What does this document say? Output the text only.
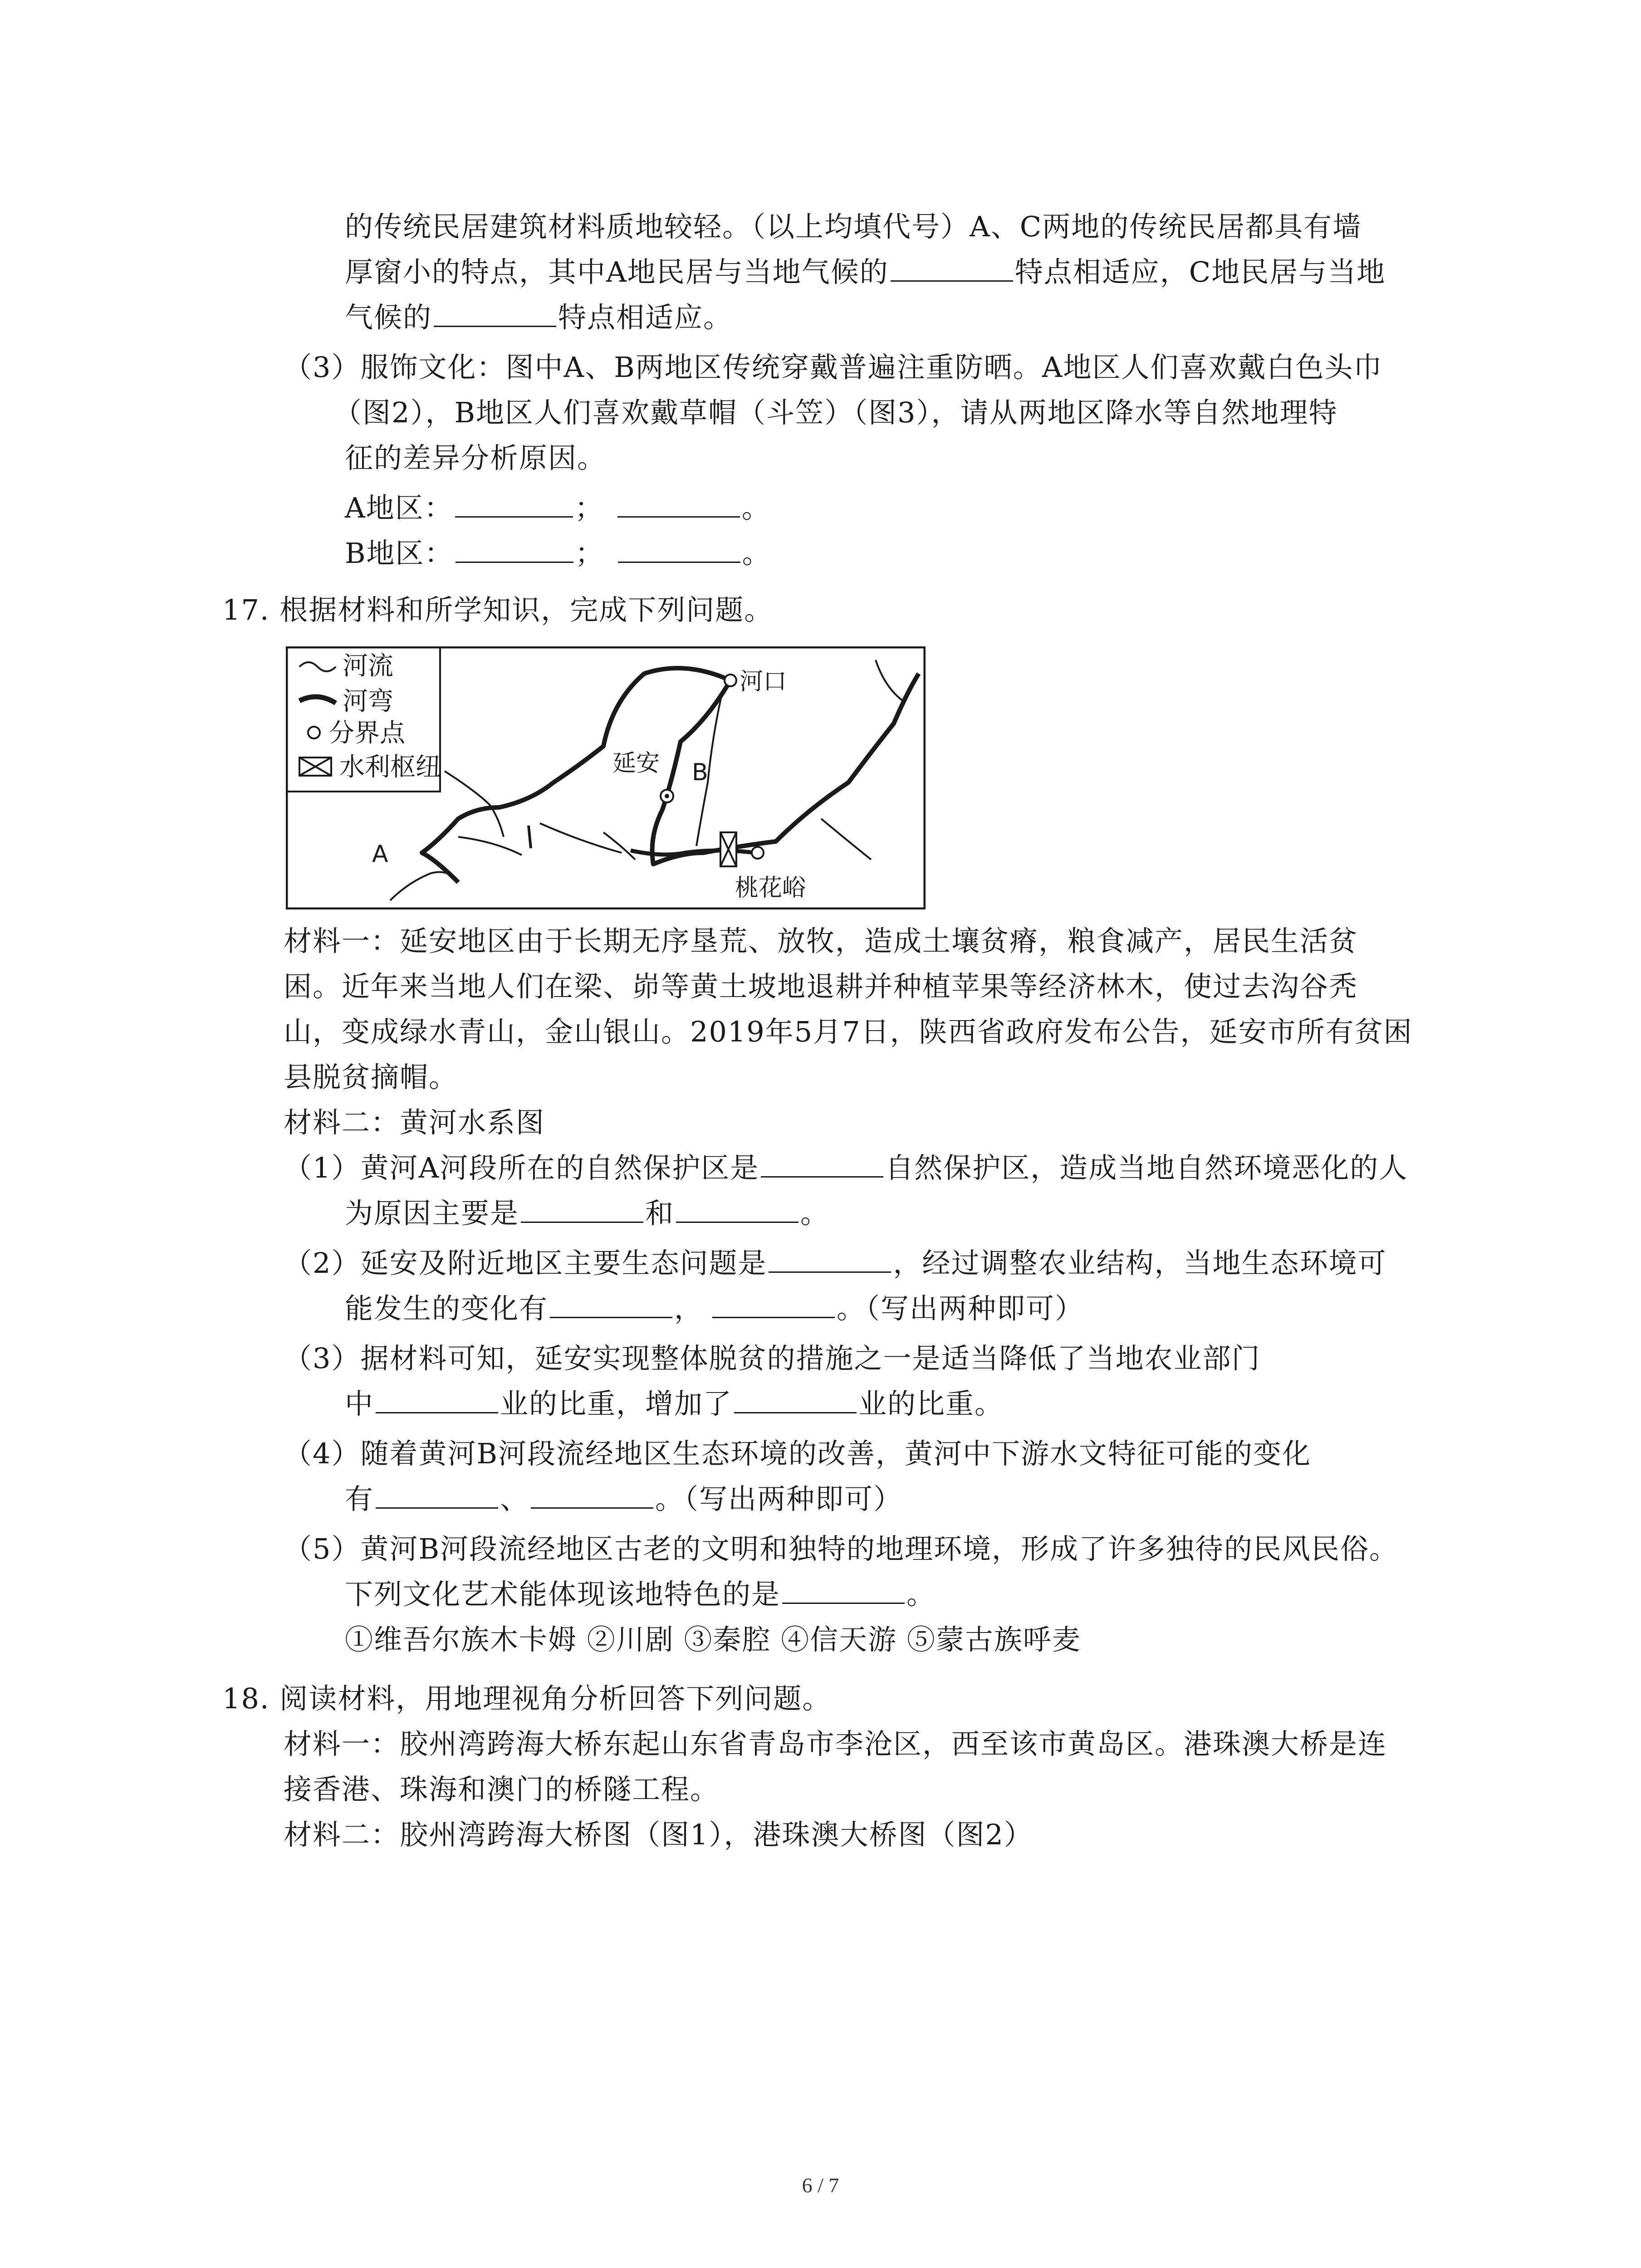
的传统民居建筑材料质地较轻。（以上均填代号）A、C两地的传统民居都具有墙

厚窗小的特点，其中A地民居与当地气候的	特点相适应，C地民居与当地

气候的	特点相适应。

（3）服饰文化：图中A、B两地区传统穿戴普遍注重防晒。A地区人们喜欢戴白色头巾

（图2），B地区人们喜欢戴草帽（斗笠）（图3），请从两地区降水等自然地理特

征的差异分析原因。

A地区：	；	。

B地区：	；	。

17. 根据材料和所学知识，完成下列问题。

河流
河弯
分界点
水利枢纽
河口
延安 B
A
桃花峪

材料一：延安地区由于长期无序垦荒、放牧，造成土壤贫瘠，粮食减产，居民生活贫

困。近年来当地人们在梁、峁等黄土坡地退耕并种植苹果等经济林木，使过去沟谷秃

山，变成绿水青山，金山银山。2019年5月7日，陕西省政府发布公告，延安市所有贫困

县脱贫摘帽。

材料二：黄河水系图

（1）黄河A河段所在的自然保护区是	自然保护区，造成当地自然环境恶化的人

为原因主要是	和	。

（2）延安及附近地区主要生态问题是	，经过调整农业结构，当地生态环境可

能发生的变化有	，	。（写出两种即可）

（3）据材料可知，延安实现整体脱贫的措施之一是适当降低了当地农业部门

中	业的比重，增加了	业的比重。

（4）随着黄河B河段流经地区生态环境的改善，黄河中下游水文特征可能的变化

有	、	。（写出两种即可）

（5）黄河B河段流经地区古老的文明和独特的地理环境，形成了许多独待的民风民俗。

下列文化艺术能体现该地特色的是	。

①维吾尔族木卡姆 ②川剧 ③秦腔 ④信天游 ⑤蒙古族呼麦

18. 阅读材料，用地理视角分析回答下列问题。

材料一：胶州湾跨海大桥东起山东省青岛市李沧区，西至该市黄岛区。港珠澳大桥是连

接香港、珠海和澳门的桥隧工程。

材料二：胶州湾跨海大桥图（图1），港珠澳大桥图（图2）

6 / 7
